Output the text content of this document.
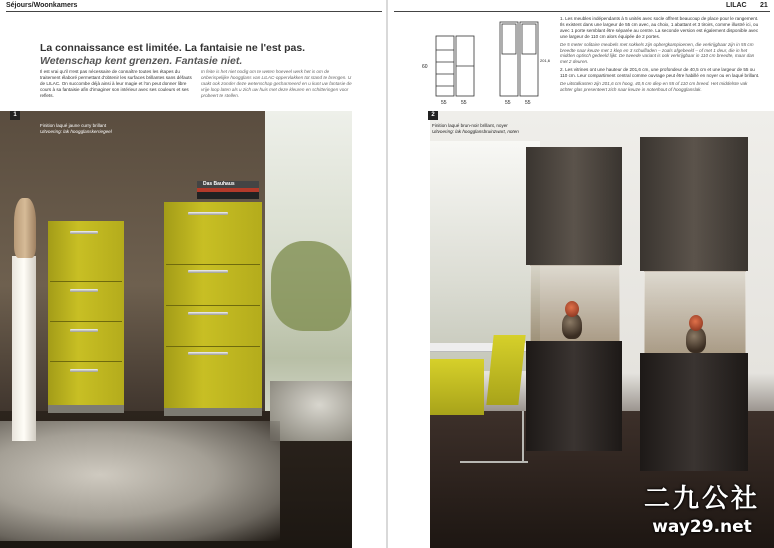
Séjours/Woonkamers
La connaissance est limitée. La fantaisie ne l'est pas.
Wetenschap kent grenzen. Fantasie niet.
Il est vrai qu'il n'est pas nécessaire de connaître toutes les étapes du traitement élaboré permettant d'obtenir les surfaces brillantes sans défauts de LILAC. On succombe déjà ainsi à leur magie et l'on peut donner libre cours à sa fantaisie afin d'imaginer son intérieur avec ses couleurs et ses reflets.
In feite is het niet nodig om te weten hoeveel werk het is om de onberispelijke hoogglans van LILAC-oppervlakken tot stand te brengen. U raakt ook zonder deze wetenschap gecharmeerd en u kunt uw fantasie de vrije loop laten als u zich uw huis met deze kleuren en schitteringen voor probeert te stellen.
Das Bauhaus
1
Finition laqué jaune curry brillant
Uitvoering: lak hoogglanskerriegeel
LILAC 21
55	55
60
55	55
201,6

1. Les meubles indépendants à 5 unités avec socle offrent beaucoup de place pour le rangement. Ils existent dans une largeur de 55 cm avec, au choix, 1 abattant et 3 tiroirs, comme illustré ici, ou avec 1 porte semblant être séparée au centre. La seconde version est également disponible avec une largeur de 110 cm alors équipée de 2 portes.

De 5 meter solitaire meubels met sokkels zijn opbergkampioenen, die verkrijgbaar zijn in 55 cm breedte naar keuze met 1 klep en 3 schuifladen – zoals afgebeeld – of met 1 deur, die in het midden optisch gedeeld lijkt. De tweede variant is ook verkrijgbaar in 110 cm breedte, maar dan met 2 deuren.

2. Les vitrines ont une hauteur de 201,6 cm, une profondeur de 40,5 cm et une largeur de 55 ou 110 cm. Leur compartiment central comme ouvrage peut être habillé en noyer ou en laqué brillant.

De uitstalkasten zijn 201,6 cm hoog, 40,5 cm diep en 55 of 110 cm breed. Het middelste vak achter glas presenteert zich naar keuze in notenhout of hoogglanslak.

2
Finition laqué brun-noir brillant, noyer
Uitvoering: lak hoogglansbruinzwart, noten
二九公社
way29.net
